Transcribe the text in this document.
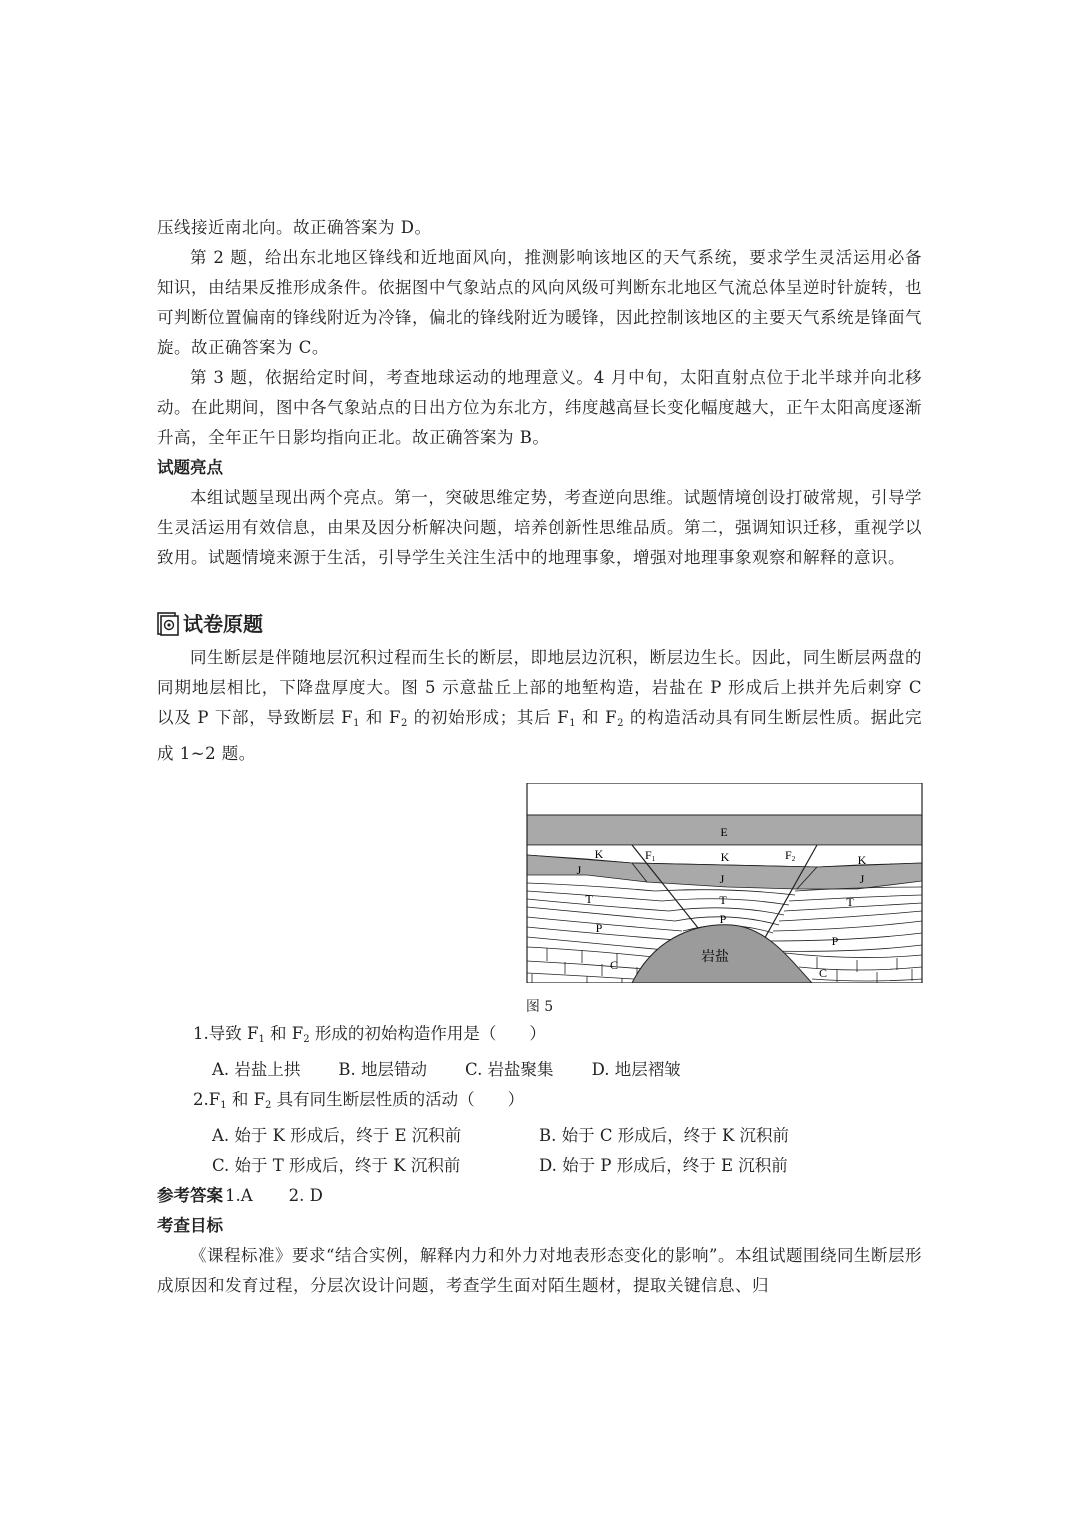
压线接近南北向。故正确答案为 D。

第 2 题，给出东北地区锋线和近地面风向，推测影响该地区的天气系统，要求学生灵活运用必备知识，由结果反推形成条件。依据图中气象站点的风向风级可判断东北地区气流总体呈逆时针旋转，也可判断位置偏南的锋线附近为冷锋，偏北的锋线附近为暖锋，因此控制该地区的主要天气系统是锋面气旋。故正确答案为 C。

第 3 题，依据给定时间，考查地球运动的地理意义。4 月中旬，太阳直射点位于北半球并向北移动。在此期间，图中各气象站点的日出方位为东北方，纬度越高昼长变化幅度越大，正午太阳高度逐渐升高，全年正午日影均指向正北。故正确答案为 B。

试题亮点

本组试题呈现出两个亮点。第一，突破思维定势，考查逆向思维。试题情境创设打破常规，引导学生灵活运用有效信息，由果及因分析解决问题，培养创新性思维品质。第二，强调知识迁移，重视学以致用。试题情境来源于生活，引导学生关注生活中的地理事象，增强对地理事象观察和解释的意识。

试卷原题

同生断层是伴随地层沉积过程而生长的断层，即地层边沉积，断层边生长。因此，同生断层两盘的同期地层相比，下降盘厚度大。图 5 示意盐丘上部的地堑构造，岩盐在 P 形成后上拱并先后刺穿 C 以及 P 下部，导致断层 $F_1$ 和 $F_2$ 的初始形成；其后 $F_1$ 和 $F_2$ 的构造活动具有同生断层性质。据此完成 1~2 题。

E
K	K	K
F1	F2
J
J	J
T	T	T
P
P
P
C
C
岩盐
图 5

1.导致 $F_1$ 和 $F_2$ 形成的初始构造作用是（　　）

A. 岩盐上拱 B. 地层错动 C. 岩盐聚集 D. 地层褶皱

$2.F_1$ 和 $F_2$ 具有同生断层性质的活动（　　）

A. 始于 K 形成后，终于 E 沉积前	B. 始于 C 形成后，终于 K 沉积前
C. 始于 T 形成后，终于 K 沉积前	D. 始于 P 形成后，终于 E 沉积前
参考答案 1.A 2. D

考查目标

《课程标准》要求“结合实例，解释内力和外力对地表形态变化的影响”。本组试题围绕同生断层形成原因和发育过程，分层次设计问题，考查学生面对陌生题材，提取关键信息、归
